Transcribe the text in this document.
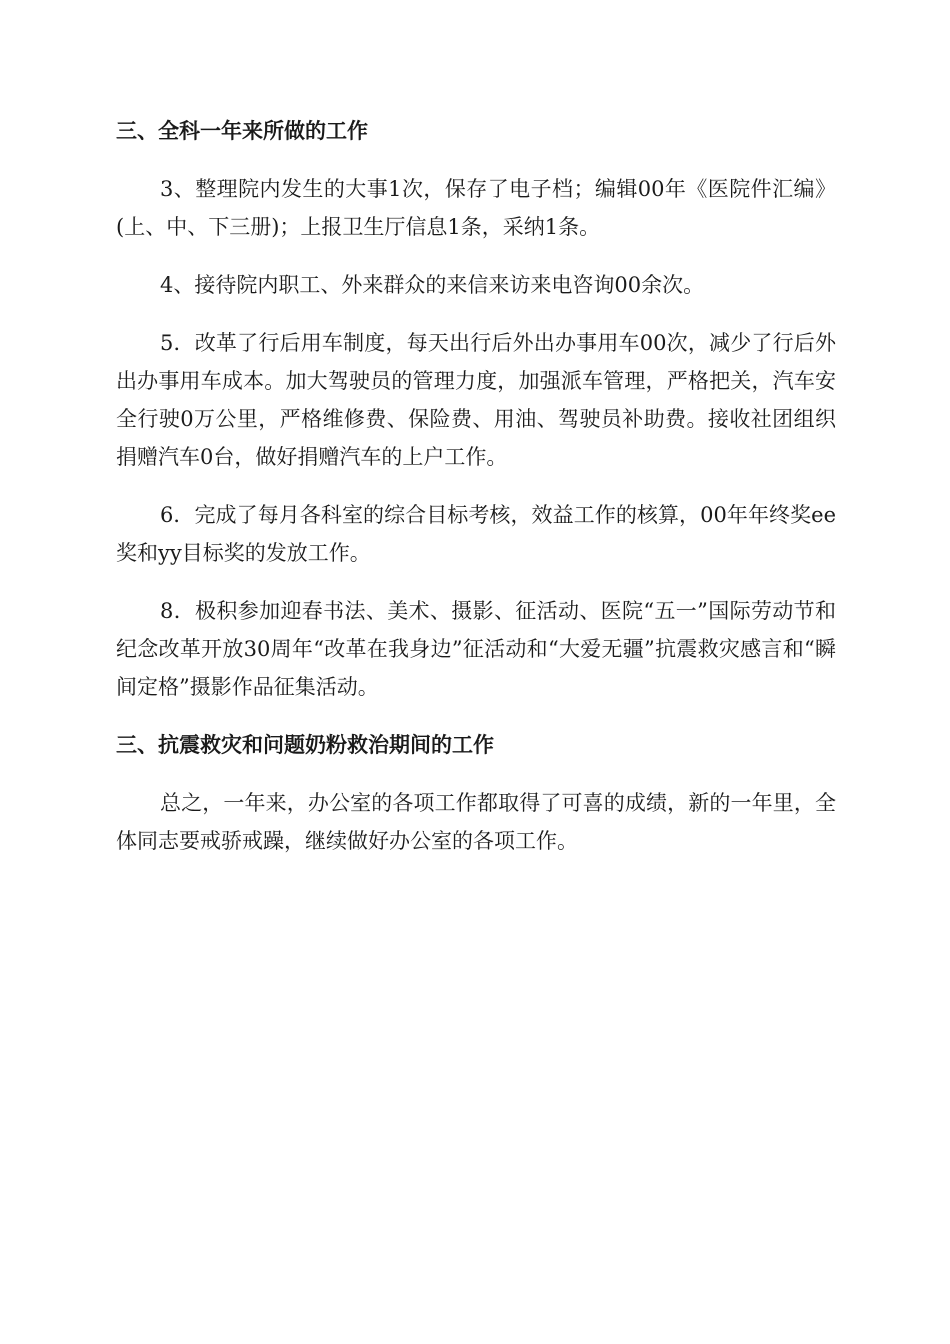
三、全科一年来所做的工作

3、整理院内发生的大事1次，保存了电子档；编辑00年《医院件汇编》(上、中、下三册)；上报卫生厅信息1条，采纳1条。

4、接待院内职工、外来群众的来信来访来电咨询00余次。

5．改革了行后用车制度，每天出行后外出办事用车00次，减少了行后外出办事用车成本。加大驾驶员的管理力度，加强派车管理，严格把关，汽车安全行驶0万公里，严格维修费、保险费、用油、驾驶员补助费。接收社团组织捐赠汽车0台，做好捐赠汽车的上户工作。

6．完成了每月各科室的综合目标考核，效益工作的核算，00年年终奖ee奖和yy目标奖的发放工作。

8．极积参加迎春书法、美术、摄影、征活动、医院“五一”国际劳动节和纪念改革开放30周年“改革在我身边”征活动和“大爱无疆”抗震救灾感言和“瞬间定格”摄影作品征集活动。

三、抗震救灾和问题奶粉救治期间的工作

总之，一年来，办公室的各项工作都取得了可喜的成绩，新的一年里，全体同志要戒骄戒躁，继续做好办公室的各项工作。
